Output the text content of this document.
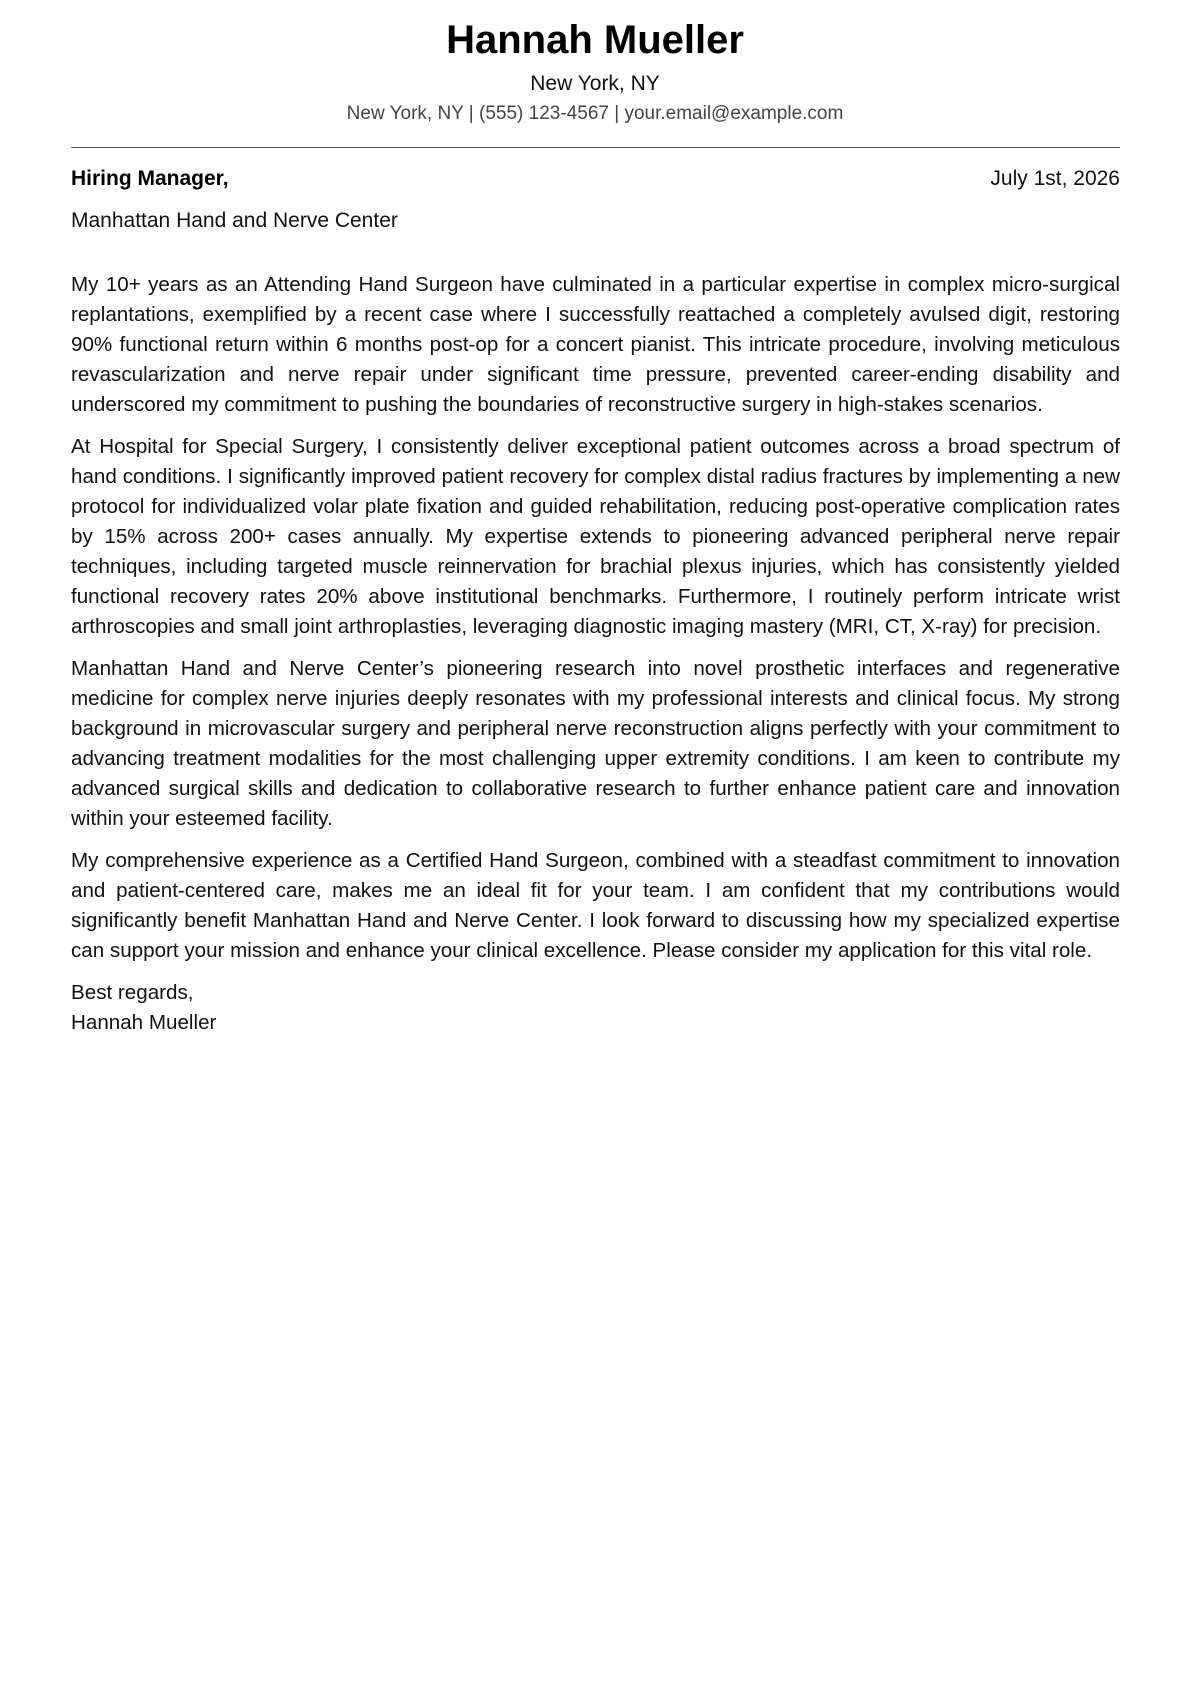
Hannah Mueller
New York, NY
New York, NY | (555) 123-4567 | your.email@example.com
Hiring Manager,	July 1st, 2026
Manhattan Hand and Nerve Center

My 10+ years as an Attending Hand Surgeon have culminated in a particular expertise in complex micro-surgical replantations, exemplified by a recent case where I successfully reattached a completely avulsed digit, restoring 90% functional return within 6 months post-op for a concert pianist. This intricate procedure, involving meticulous revascularization and nerve repair under significant time pressure, prevented career-ending disability and underscored my commitment to pushing the boundaries of reconstructive surgery in high-stakes scenarios.

At Hospital for Special Surgery, I consistently deliver exceptional patient outcomes across a broad spectrum of hand conditions. I significantly improved patient recovery for complex distal radius fractures by implementing a new protocol for individualized volar plate fixation and guided rehabilitation, reducing post-operative complication rates by 15% across 200+ cases annually. My expertise extends to pioneering advanced peripheral nerve repair techniques, including targeted muscle reinnervation for brachial plexus injuries, which has consistently yielded functional recovery rates 20% above institutional benchmarks. Furthermore, I routinely perform intricate wrist arthroscopies and small joint arthroplasties, leveraging diagnostic imaging mastery (MRI, CT, X-ray) for precision.

Manhattan Hand and Nerve Center’s pioneering research into novel prosthetic interfaces and regenerative medicine for complex nerve injuries deeply resonates with my professional interests and clinical focus. My strong background in microvascular surgery and peripheral nerve reconstruction aligns perfectly with your commitment to advancing treatment modalities for the most challenging upper extremity conditions. I am keen to contribute my advanced surgical skills and dedication to collaborative research to further enhance patient care and innovation within your esteemed facility.

My comprehensive experience as a Certified Hand Surgeon, combined with a steadfast commitment to innovation and patient-centered care, makes me an ideal fit for your team. I am confident that my contributions would significantly benefit Manhattan Hand and Nerve Center. I look forward to discussing how my specialized expertise can support your mission and enhance your clinical excellence. Please consider my application for this vital role.

Best regards,
Hannah Mueller
